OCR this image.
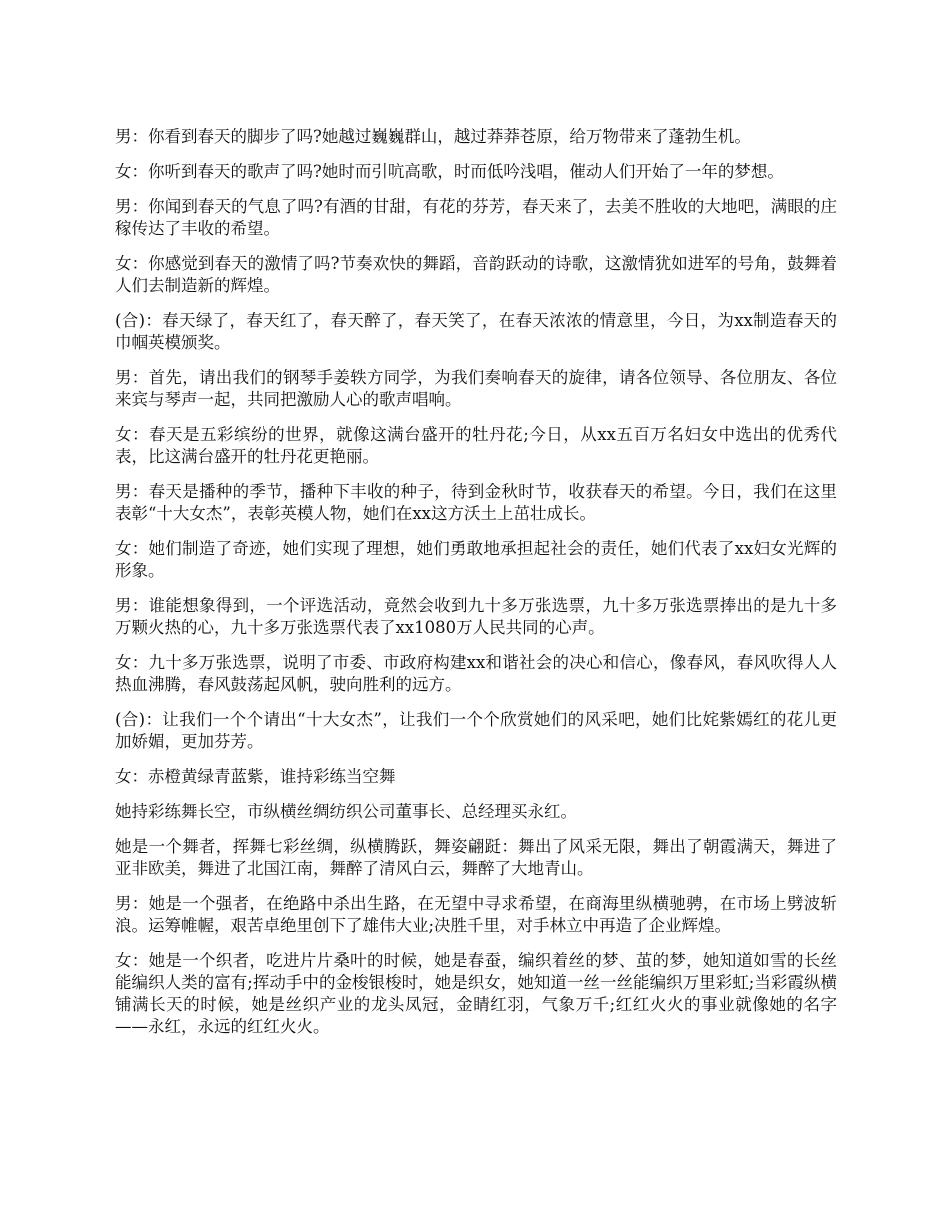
男：你看到春天的脚步了吗?她越过巍巍群山，越过莽莽苍原，给万物带来了蓬勃生机。

女：你听到春天的歌声了吗?她时而引吭高歌，时而低吟浅唱，催动人们开始了一年的梦想。

男：你闻到春天的气息了吗?有酒的甘甜，有花的芬芳，春天来了，去美不胜收的大地吧，满眼的庄稼传达了丰收的希望。

女：你感觉到春天的激情了吗?节奏欢快的舞蹈，音韵跃动的诗歌，这激情犹如进军的号角，鼓舞着人们去制造新的辉煌。

(合)：春天绿了，春天红了，春天醉了，春天笑了，在春天浓浓的情意里，今日，为xx制造春天的巾帼英模颁奖。

男：首先，请出我们的钢琴手姜轶方同学，为我们奏响春天的旋律，请各位领导、各位朋友、各位来宾与琴声一起，共同把激励人心的歌声唱响。

女：春天是五彩缤纷的世界，就像这满台盛开的牡丹花;今日，从xx五百万名妇女中选出的优秀代表，比这满台盛开的牡丹花更艳丽。

男：春天是播种的季节，播种下丰收的种子，待到金秋时节，收获春天的希望。今日，我们在这里表彰“十大女杰”，表彰英模人物，她们在xx这方沃土上茁壮成长。

女：她们制造了奇迹，她们实现了理想，她们勇敢地承担起社会的责任，她们代表了xx妇女光辉的形象。

男：谁能想象得到，一个评选活动，竟然会收到九十多万张选票，九十多万张选票捧出的是九十多万颗火热的心，九十多万张选票代表了xx1080万人民共同的心声。

女：九十多万张选票，说明了市委、市政府构建xx和谐社会的决心和信心，像春风，春风吹得人人热血沸腾，春风鼓荡起风帆，驶向胜利的远方。

(合)：让我们一个个请出“十大女杰”，让我们一个个欣赏她们的风采吧，她们比姹紫嫣红的花儿更加娇媚，更加芬芳。

女：赤橙黄绿青蓝紫，谁持彩练当空舞

她持彩练舞长空，市纵横丝绸纺织公司董事长、总经理买永红。

她是一个舞者，挥舞七彩丝绸，纵横腾跃，舞姿翩跹：舞出了风采无限，舞出了朝霞满天，舞进了亚非欧美，舞进了北国江南，舞醉了清风白云，舞醉了大地青山。

男：她是一个强者，在绝路中杀出生路，在无望中寻求希望，在商海里纵横驰骋，在市场上劈波斩浪。运筹帷幄，艰苦卓绝里创下了雄伟大业;决胜千里，对手林立中再造了企业辉煌。

女：她是一个织者，吃进片片桑叶的时候，她是春蚕，编织着丝的梦、茧的梦，她知道如雪的长丝能编织人类的富有;挥动手中的金梭银梭时，她是织女，她知道一丝一丝能编织万里彩虹;当彩霞纵横铺满长天的时候，她是丝织产业的龙头凤冠，金睛红羽，气象万千;红红火火的事业就像她的名字——永红，永远的红红火火。
